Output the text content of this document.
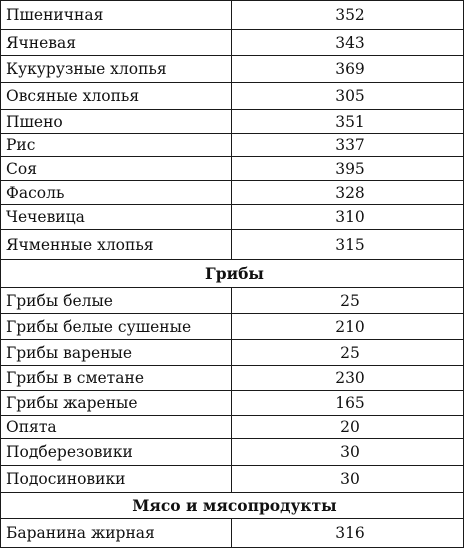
Пшеничная	352
Ячневая	343
Кукурузные хлопья	369
Овсяные хлопья	305
Пшено	351
Рис	337
Соя	395
Фасоль	328
Чечевица	310
Ячменные хлопья	315
Грибы	
Грибы белые	25
Грибы белые сушеные	210
Грибы вареные	25
Грибы в сметане	230
Грибы жареные	165
Опята	20
Подберезовики	30
Подосиновики	30
Мясо и мясопродукты	
Баранина жирная	316
